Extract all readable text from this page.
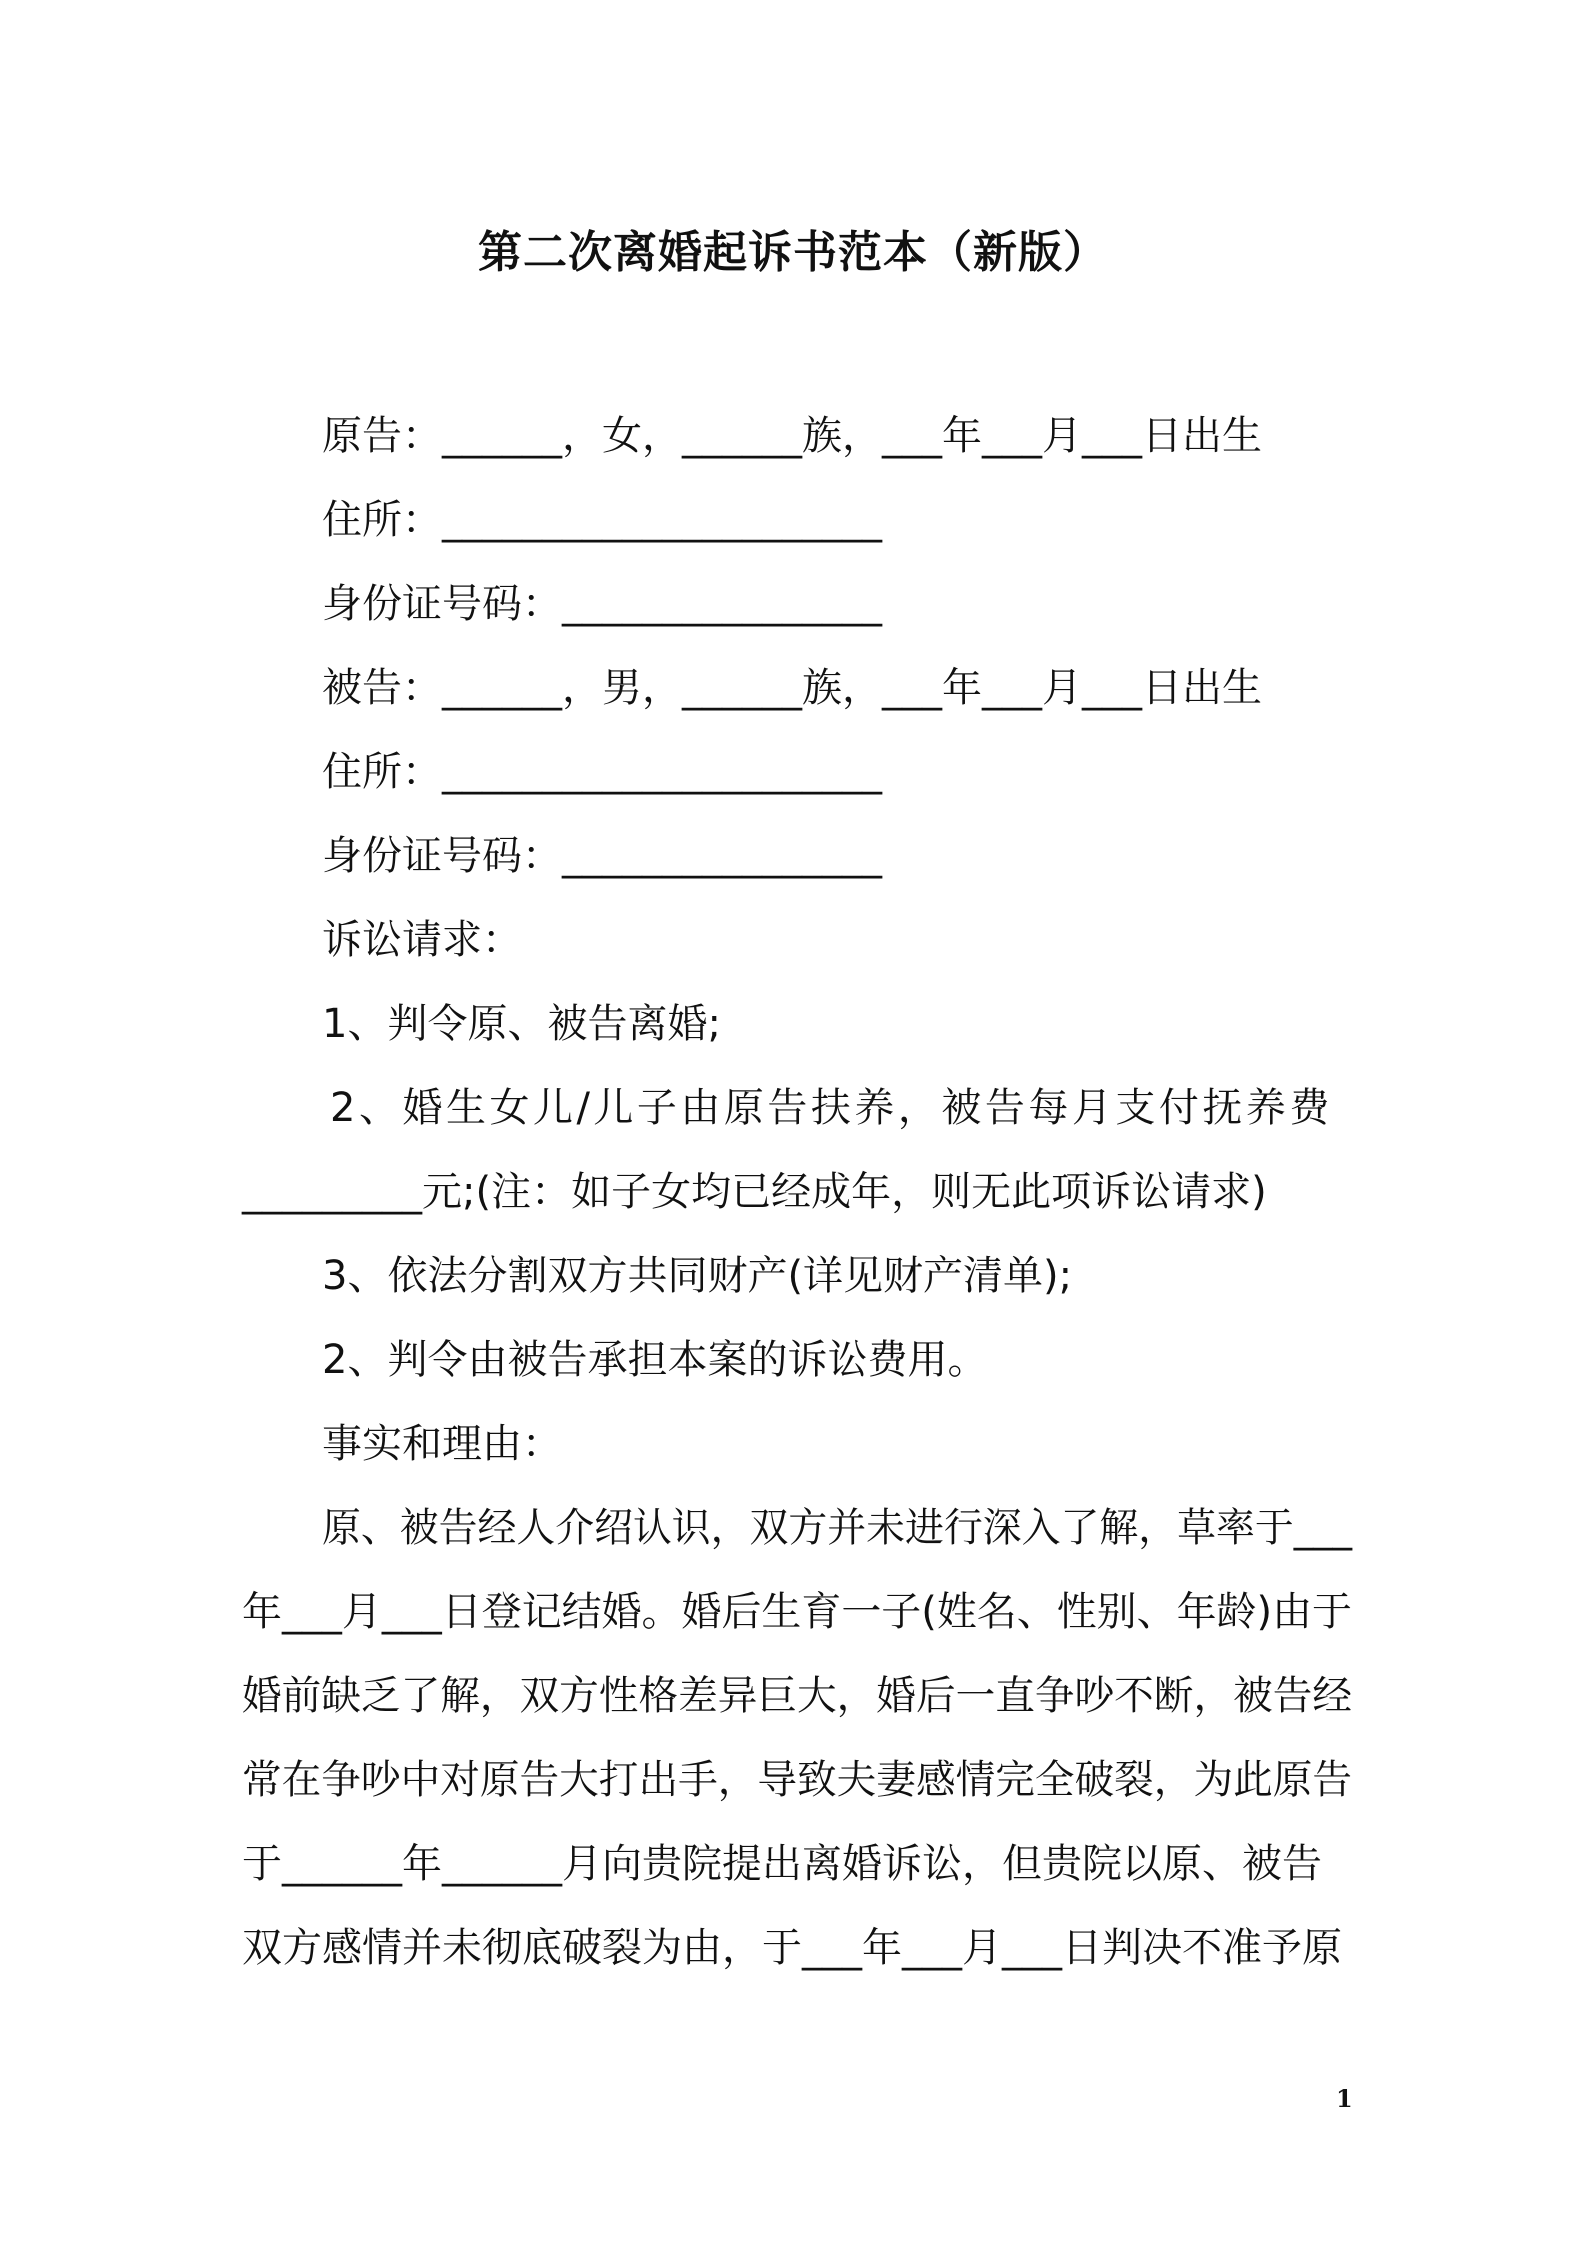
第二次离婚起诉书范本（新版）
原告：______，女，______族，___年___月___日出生
住所：______________________
身份证号码：________________
被告：______，男，______族，___年___月___日出生
住所：______________________
身份证号码：________________
诉讼请求：
1、判令原、被告离婚;
2、婚生女儿/儿子由原告扶养，被告每月支付抚养费
_________元;(注：如子女均已经成年，则无此项诉讼请求)
3、依法分割双方共同财产(详见财产清单);
2、判令由被告承担本案的诉讼费用。
事实和理由：
原、被告经人介绍认识，双方并未进行深入了解，草率于___
年___月___日登记结婚。婚后生育一子(姓名、性别、年龄)由于
婚前缺乏了解，双方性格差异巨大，婚后一直争吵不断，被告经
常在争吵中对原告大打出手，导致夫妻感情完全破裂，为此原告
于______年______月向贵院提出离婚诉讼，但贵院以原、被告
双方感情并未彻底破裂为由，于___年___月___日判决不准予原
1
